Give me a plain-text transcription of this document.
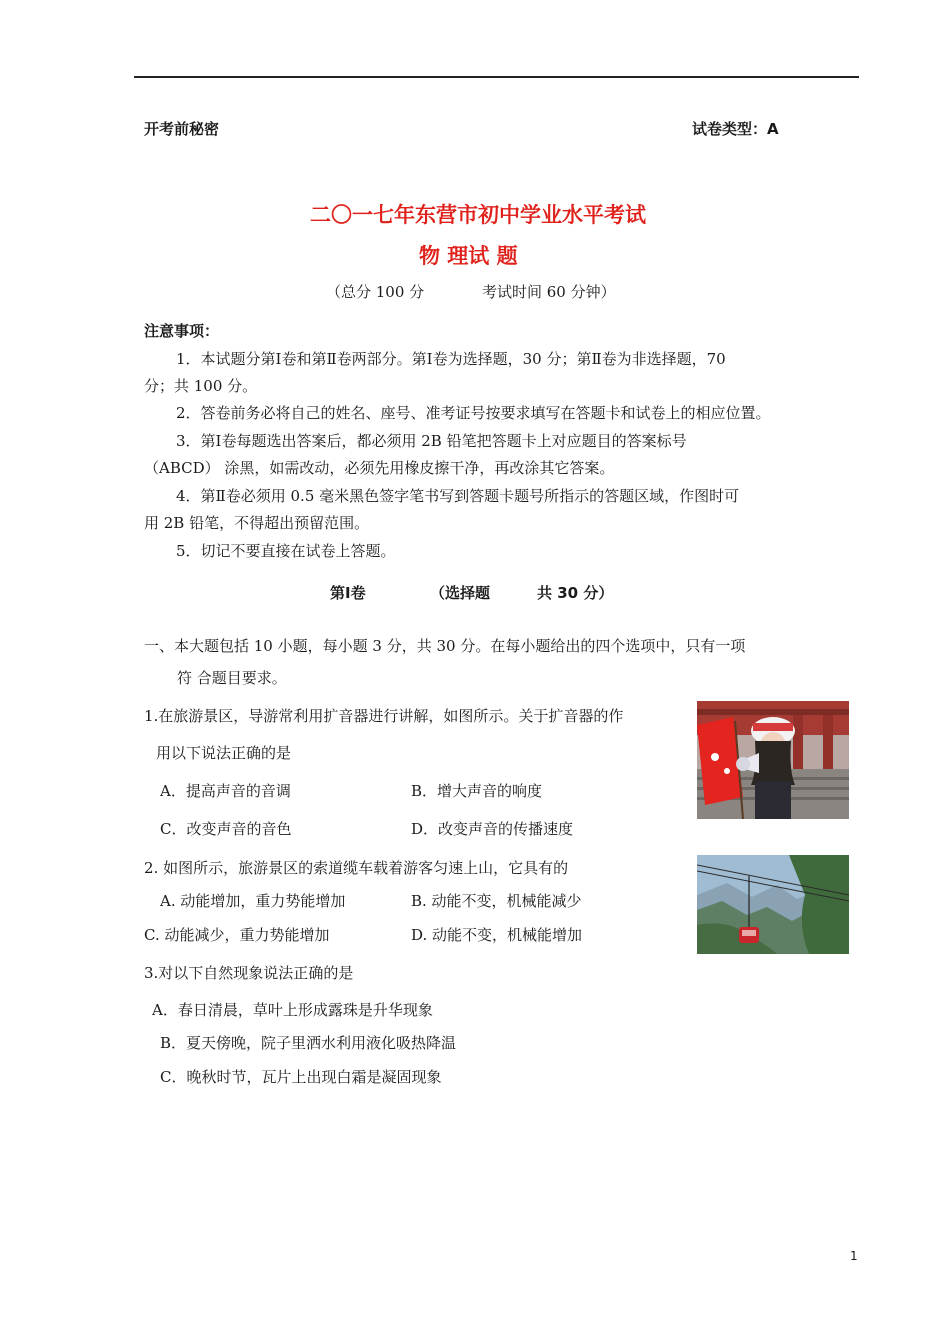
开考前秘密	试卷类型：A
二〇一七年东营市初中学业水平考试
物 理试 题
（总分 100 分	考试时间 60 分钟）
注意事项：
1．本试题分第Ⅰ卷和第Ⅱ卷两部分。第Ⅰ卷为选择题，30 分；第Ⅱ卷为非选择题，70
分；共 100 分。
2．答卷前务必将自己的姓名、座号、准考证号按要求填写在答题卡和试卷上的相应位置。
3．第Ⅰ卷每题选出答案后，都必须用 2B 铅笔把答题卡上对应题目的答案标号
（ABCD） 涂黑，如需改动，必须先用橡皮擦干净，再改涂其它答案。
4．第Ⅱ卷必须用 0.5 毫米黑色签字笔书写到答题卡题号所指示的答题区域，作图时可
用 2B 铅笔，不得超出预留范围。
5．切记不要直接在试卷上答题。
第Ⅰ卷	（选择题	共 30 分）
一、本大题包括 10 小题，每小题 3 分，共 30 分。在每小题给出的四个选项中，只有一项
符 合题目要求。
1.在旅游景区，导游常利用扩音器进行讲解，如图所示。关于扩音器的作
用以下说法正确的是
A．提高声音的音调	B．增大声音的响度
C．改变声音的音色	D．改变声音的传播速度
2. 如图所示，旅游景区的索道缆车载着游客匀速上山，它具有的
A. 动能增加，重力势能增加	B. 动能不变，机械能减少
C. 动能减少，重力势能增加	D. 动能不变，机械能增加
3.对以下自然现象说法正确的是
A．春日清晨，草叶上形成露珠是升华现象
B．夏天傍晚，院子里洒水利用液化吸热降温
C．晚秋时节，瓦片上出现白霜是凝固现象
1
